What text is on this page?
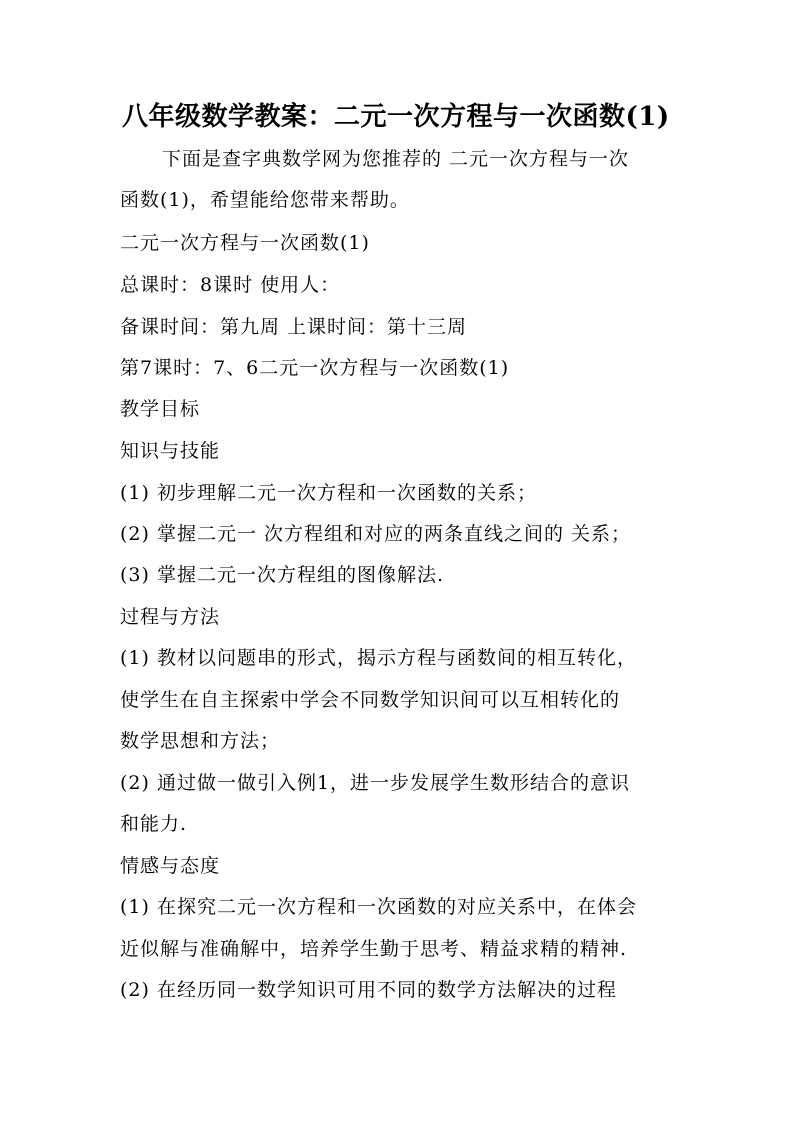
八年级数学教案：二元一次方程与一次函数(1)
下面是查字典数学网为您推荐的 二元一次方程与一次
函数(1)，希望能给您带来帮助。
二元一次方程与一次函数(1)
总课时：8课时 使用人：
备课时间：第九周 上课时间：第十三周
第7课时：7、6二元一次方程与一次函数(1)
教学目标
知识与技能
(1) 初步理解二元一次方程和一次函数的关系；
(2) 掌握二元一 次方程组和对应的两条直线之间的 关系；
(3) 掌握二元一次方程组的图像解法.
过程与方法
(1) 教材以问题串的形式，揭示方程与函数间的相互转化，
使学生在自主探索中学会不同数学知识间可以互相转化的
数学思想和方法；
(2) 通过做一做引入例1，进一步发展学生数形结合的意识
和能力.
情感与态度
(1) 在探究二元一次方程和一次函数的对应关系中，在体会
近似解与准确解中，培养学生勤于思考、精益求精的精神.
(2) 在经历同一数学知识可用不同的数学方法解决的过程
